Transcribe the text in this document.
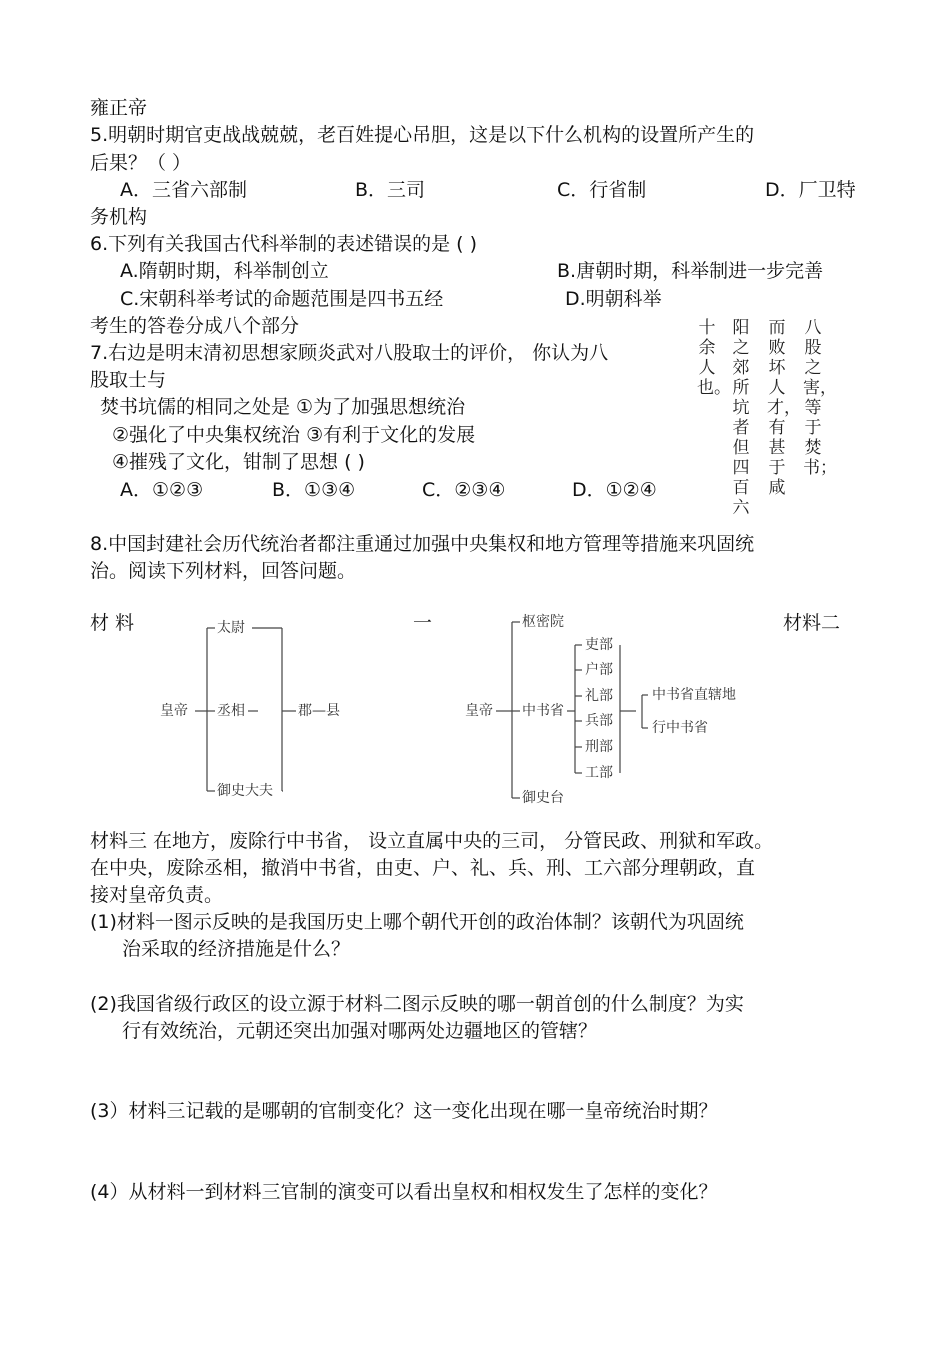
雍正帝
5.明朝时期官吏战战兢兢，老百姓提心吊胆，这是以下什么机构的设置所产生的
后果？（ ）
A．三省六部制	B．三司	C．行省制	D．厂卫特
务机构
6.下列有关我国古代科举制的表述错误的是 ( )
A.隋朝时期，科举制创立	B.唐朝时期，科举制进一步完善
C.宋朝科举考试的命题范围是四书五经	D.明朝科举
考生的答卷分成八个部分
7.右边是明末清初思想家顾炎武对八股取士的评价， 你认为八
股取士与
焚书坑儒的相同之处是 ①为了加强思想统治
②强化了中央集权统治 ③有利于文化的发展
④摧残了文化，钳制了思想 ( )
A．①②③	B．①③④	C．②③④	D．①②④
八股之害，等于焚书；
而败坏人才，有甚于咸
阳之郊所坑者但四百六
十余人也。
8.中国封建社会历代统治者都注重通过加强中央集权和地方管理等措施来巩固统
治。阅读下列材料，回答问题。
材 料	一	材料二
皇帝
太尉
丞相
御史大夫
郡—县	皇帝
枢密院
中书省
御史台
吏部
户部
礼部
兵部
刑部
工部
中书省直辖地
行中书省
材料三 在地方，废除行中书省， 设立直属中央的三司， 分管民政、刑狱和军政。
在中央，废除丞相，撤消中书省，由吏、户、礼、兵、刑、工六部分理朝政，直
接对皇帝负责。
(1)材料一图示反映的是我国历史上哪个朝代开创的政治体制？该朝代为巩固统
治采取的经济措施是什么？
(2)我国省级行政区的设立源于材料二图示反映的哪一朝首创的什么制度？为实
行有效统治，元朝还突出加强对哪两处边疆地区的管辖？
(3）材料三记载的是哪朝的官制变化？这一变化出现在哪一皇帝统治时期？
(4）从材料一到材料三官制的演变可以看出皇权和相权发生了怎样的变化？
